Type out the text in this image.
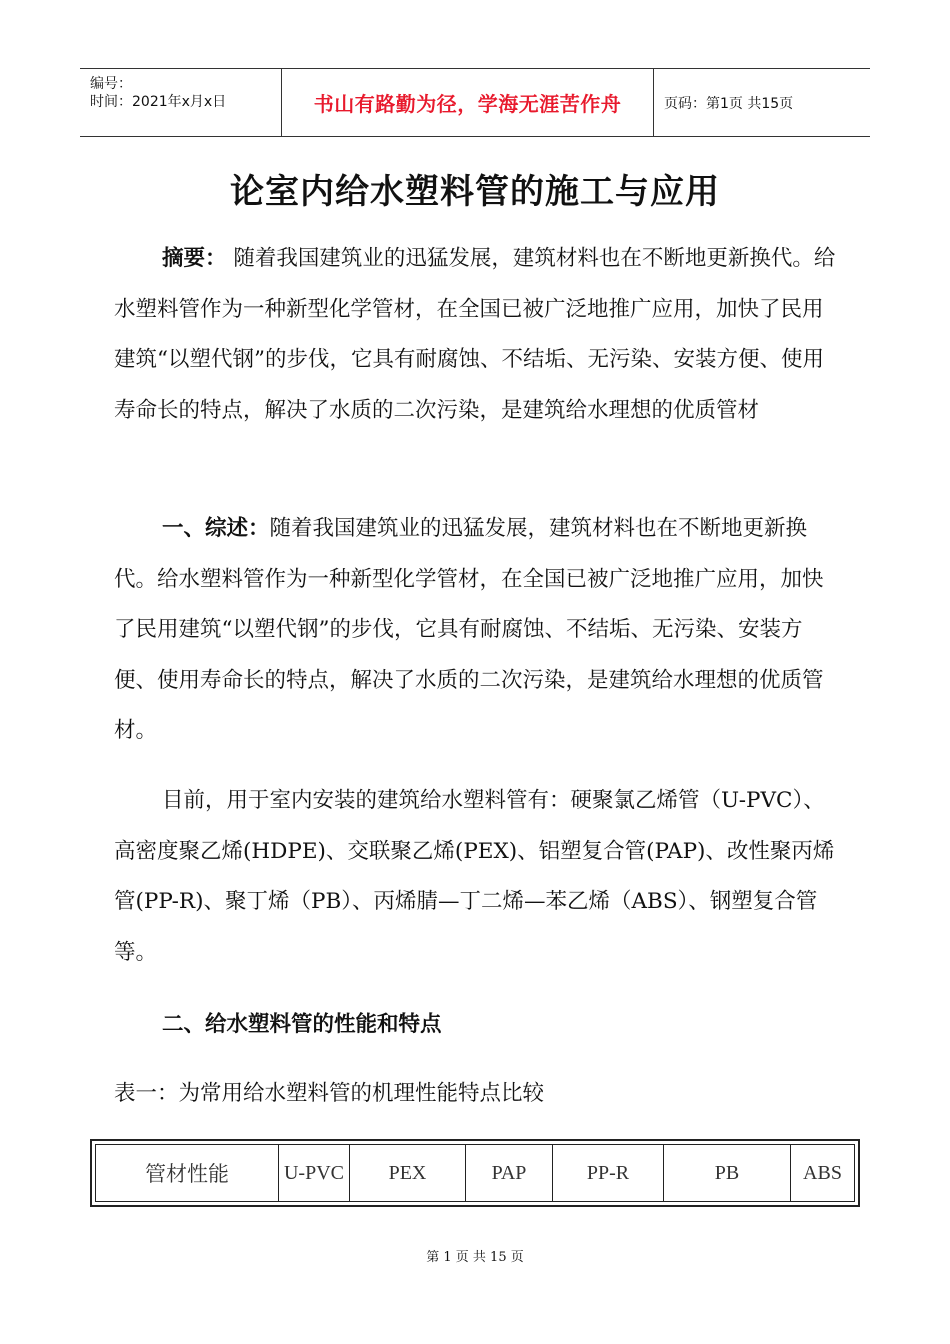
编号：
时间：2021年x月x日	书山有路勤为径，学海无涯苦作舟	页码：第1页 共15页
论室内给水塑料管的施工与应用
摘要： 随着我国建筑业的迅猛发展，建筑材料也在不断地更新换代。给水塑料管作为一种新型化学管材，在全国已被广泛地推广应用，加快了民用建筑“以塑代钢”的步伐，它具有耐腐蚀、不结垢、无污染、安装方便、使用寿命长的特点，解决了水质的二次污染，是建筑给水理想的优质管材
一、综述：随着我国建筑业的迅猛发展，建筑材料也在不断地更新换代。给水塑料管作为一种新型化学管材，在全国已被广泛地推广应用，加快了民用建筑“以塑代钢”的步伐，它具有耐腐蚀、不结垢、无污染、安装方便、使用寿命长的特点，解决了水质的二次污染，是建筑给水理想的优质管材。
目前，用于室内安装的建筑给水塑料管有：硬聚氯乙烯管（U-PVC）、高密度聚乙烯(HDPE)、交联聚乙烯(PEX)、铝塑复合管(PAP)、改性聚丙烯管(PP-R)、聚丁烯（PB）、丙烯腈—丁二烯—苯乙烯（ABS）、钢塑复合管等。
二、给水塑料管的性能和特点
表一：为常用给水塑料管的机理性能特点比较
管材性能	U-PVC	PEX	PAP	PP-R	PB	ABS
第 1 页 共 15 页
